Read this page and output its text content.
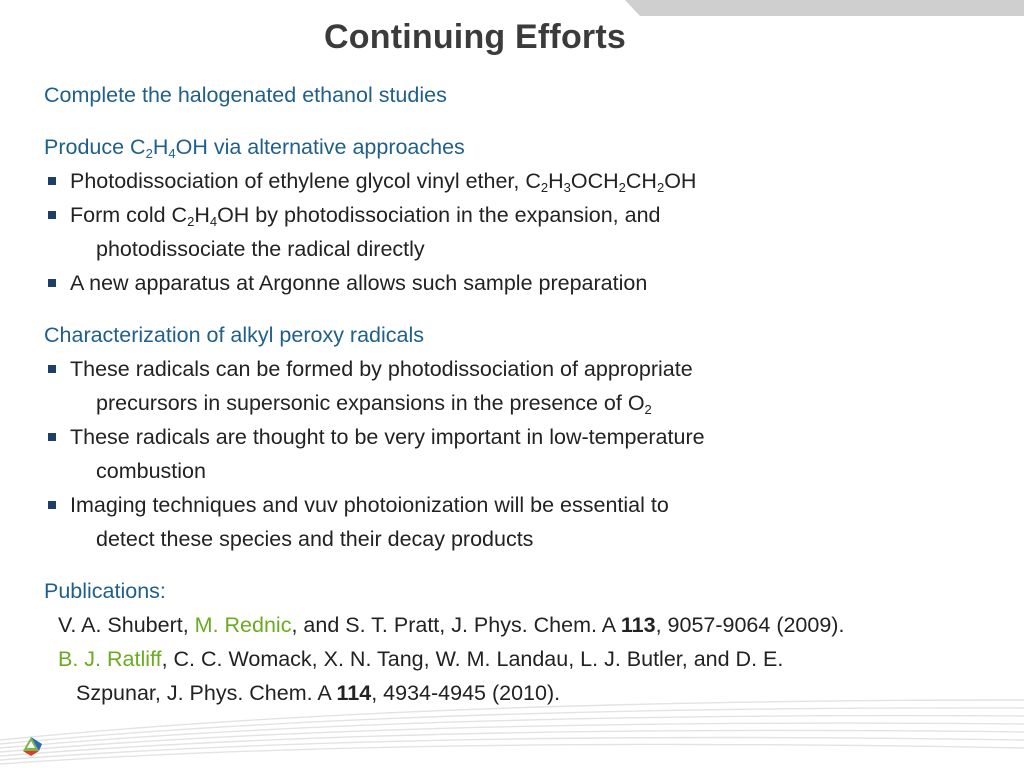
Continuing Efforts
Complete the halogenated ethanol studies
Produce $C_2H_4OH$ via alternative approaches
Photodissociation of ethylene glycol vinyl ether, $C_2H_3OCH_2CH_2OH$
Form cold $C_2H_4OH$ by photodissociation in the expansion, and
photodissociate the radical directly
A new apparatus at Argonne allows such sample preparation
Characterization of alkyl peroxy radicals
These radicals can be formed by photodissociation of appropriate
precursors in supersonic expansions in the presence of $O_2$
These radicals are thought to be very important in low-temperature
combustion
Imaging techniques and vuv photoionization will be essential to
detect these species and their decay products
Publications:
V. A. Shubert, M. Rednic, and S. T. Pratt, J. Phys. Chem. A 113, 9057-9064 (2009).
B. J. Ratliff, C. C. Womack, X. N. Tang, W. M. Landau, L. J. Butler, and D. E.
Szpunar, J. Phys. Chem. A 114, 4934-4945 (2010).
